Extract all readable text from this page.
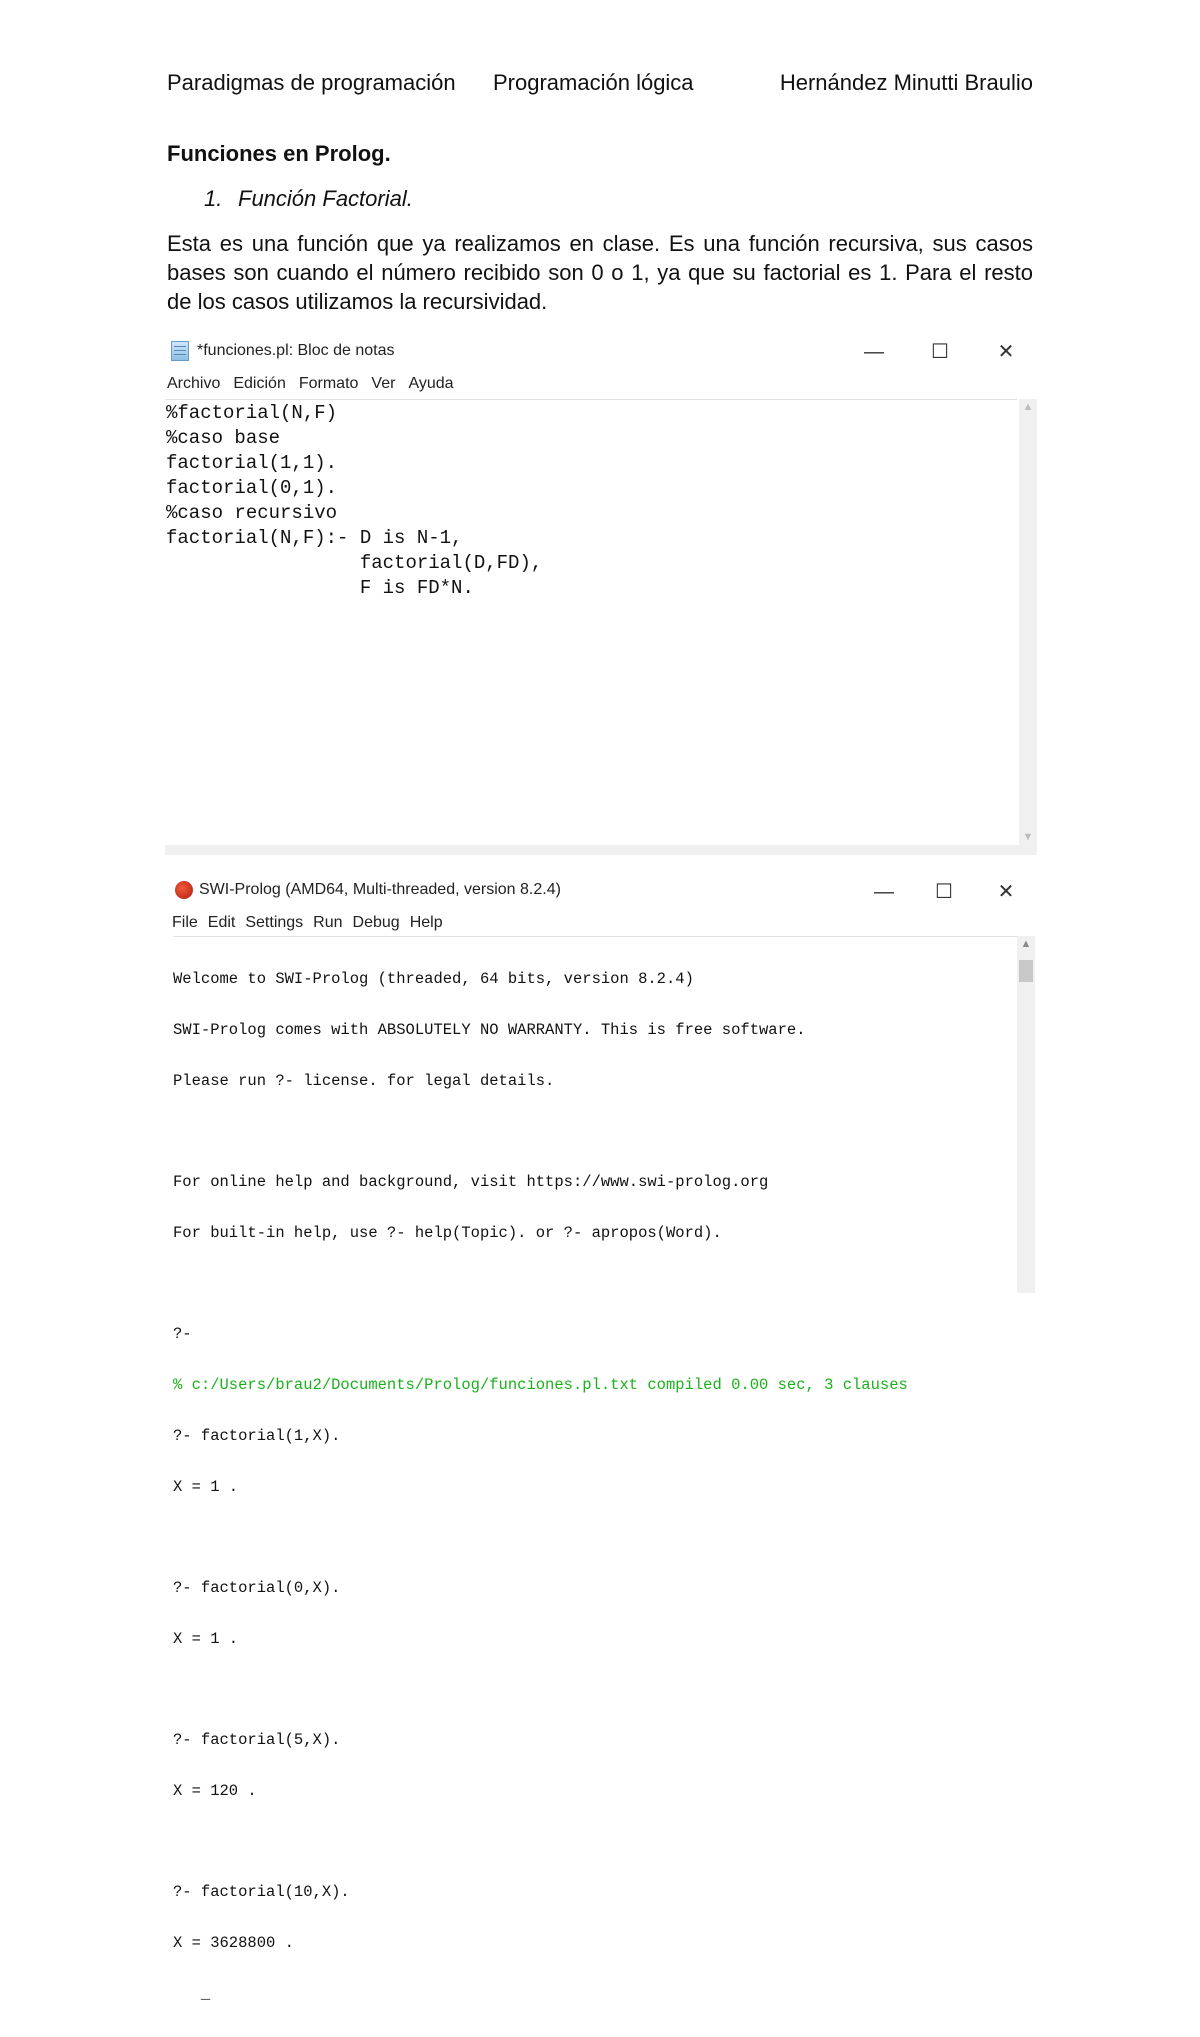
Paradigmas de programación Programación lógica	Hernández Minutti Braulio
Funciones en Prolog.
1. Función Factorial.

Esta es una función que ya realizamos en clase. Es una función recursiva, sus casos bases son cuando el número recibido son 0 o 1, ya que su factorial es 1. Para el resto de los casos utilizamos la recursividad.

*funciones.pl: Bloc de notas	—	☐	✕
Archivo Edición Formato Ver Ayuda
%factorial(N,F)
%caso base
factorial(1,1).
factorial(0,1).
%caso recursivo
factorial(N,F):- D is N-1,
factorial(D,FD),
F is FD*N.
▲
▼
SWI-Prolog (AMD64, Multi-threaded, version 8.2.4)	—	☐	✕
File Edit Settings Run Debug Help

Welcome to SWI-Prolog (threaded, 64 bits, version 8.2.4)

SWI-Prolog comes with ABSOLUTELY NO WARRANTY. This is free software.

Please run ?- license. for legal details.

For online help and background, visit https://www.swi-prolog.org

For built-in help, use ?- help(Topic). or ?- apropos(Word).

?-

% c:/Users/brau2/Documents/Prolog/funciones.pl.txt compiled 0.00 sec, 3 clauses

?- factorial(1,X).

X = 1 .

?- factorial(0,X).

X = 1 .

?- factorial(5,X).

X = 120 .

?- factorial(10,X).

X = 3628800 .

_

▲
